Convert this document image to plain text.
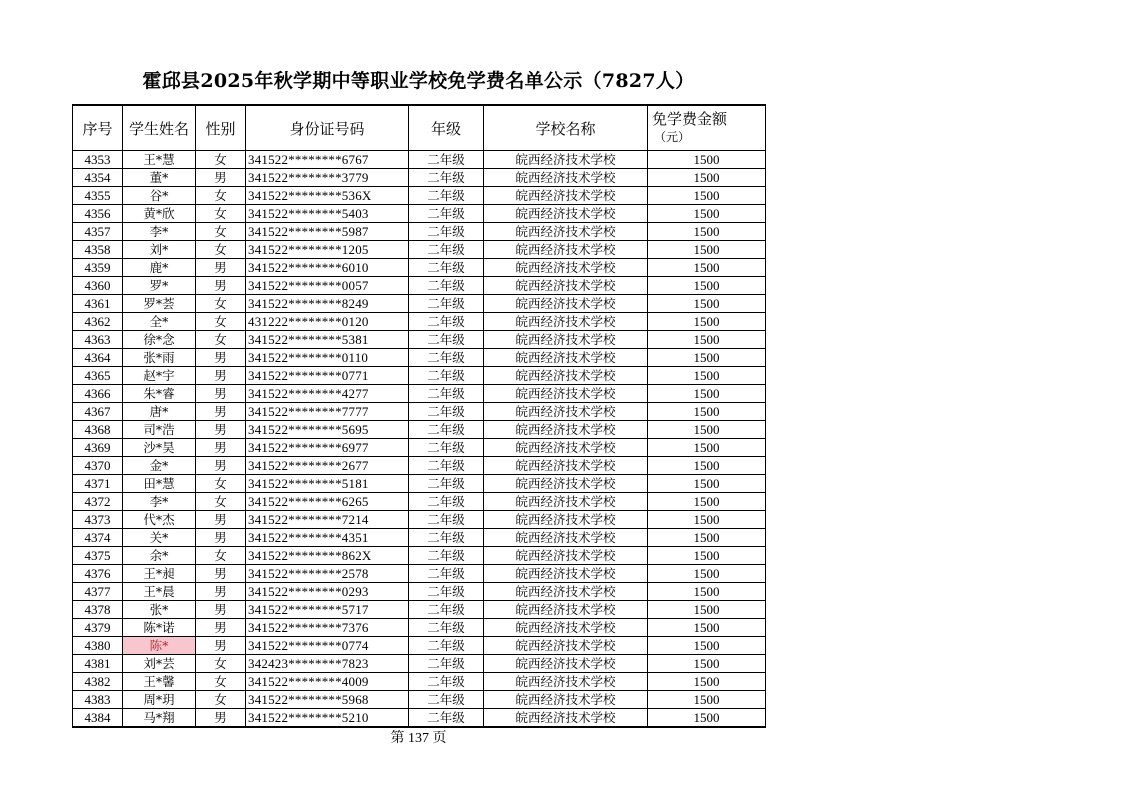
霍邱县2025年秋学期中等职业学校免学费名单公示（7827人）
序号	学生姓名	性别	身份证号码	年级	学校名称	免学费金额
（元）

4353	王*慧	女	341522********6767	二年级	皖西经济技术学校	1500
4354	董*	男	341522********3779	二年级	皖西经济技术学校	1500
4355	谷*	女	341522********536X	二年级	皖西经济技术学校	1500
4356	黄*欣	女	341522********5403	二年级	皖西经济技术学校	1500
4357	李*	女	341522********5987	二年级	皖西经济技术学校	1500
4358	刘*	女	341522********1205	二年级	皖西经济技术学校	1500
4359	鹿*	男	341522********6010	二年级	皖西经济技术学校	1500
4360	罗*	男	341522********0057	二年级	皖西经济技术学校	1500
4361	罗*荟	女	341522********8249	二年级	皖西经济技术学校	1500
4362	全*	女	431222********0120	二年级	皖西经济技术学校	1500
4363	徐*念	女	341522********5381	二年级	皖西经济技术学校	1500
4364	张*雨	男	341522********0110	二年级	皖西经济技术学校	1500
4365	赵*宇	男	341522********0771	二年级	皖西经济技术学校	1500
4366	朱*睿	男	341522********4277	二年级	皖西经济技术学校	1500
4367	唐*	男	341522********7777	二年级	皖西经济技术学校	1500
4368	司*浩	男	341522********5695	二年级	皖西经济技术学校	1500
4369	沙*昊	男	341522********6977	二年级	皖西经济技术学校	1500
4370	金*	男	341522********2677	二年级	皖西经济技术学校	1500
4371	田*慧	女	341522********5181	二年级	皖西经济技术学校	1500
4372	李*	女	341522********6265	二年级	皖西经济技术学校	1500
4373	代*杰	男	341522********7214	二年级	皖西经济技术学校	1500
4374	关*	男	341522********4351	二年级	皖西经济技术学校	1500
4375	余*	女	341522********862X	二年级	皖西经济技术学校	1500
4376	王*昶	男	341522********2578	二年级	皖西经济技术学校	1500
4377	王*晨	男	341522********0293	二年级	皖西经济技术学校	1500
4378	张*	男	341522********5717	二年级	皖西经济技术学校	1500
4379	陈*诺	男	341522********7376	二年级	皖西经济技术学校	1500
4380	陈*	男	341522********0774	二年级	皖西经济技术学校	1500
4381	刘*芸	女	342423********7823	二年级	皖西经济技术学校	1500
4382	王*馨	女	341522********4009	二年级	皖西经济技术学校	1500
4383	周*玥	女	341522********5968	二年级	皖西经济技术学校	1500
4384	马*翔	男	341522********5210	二年级	皖西经济技术学校	1500
第 137 页
